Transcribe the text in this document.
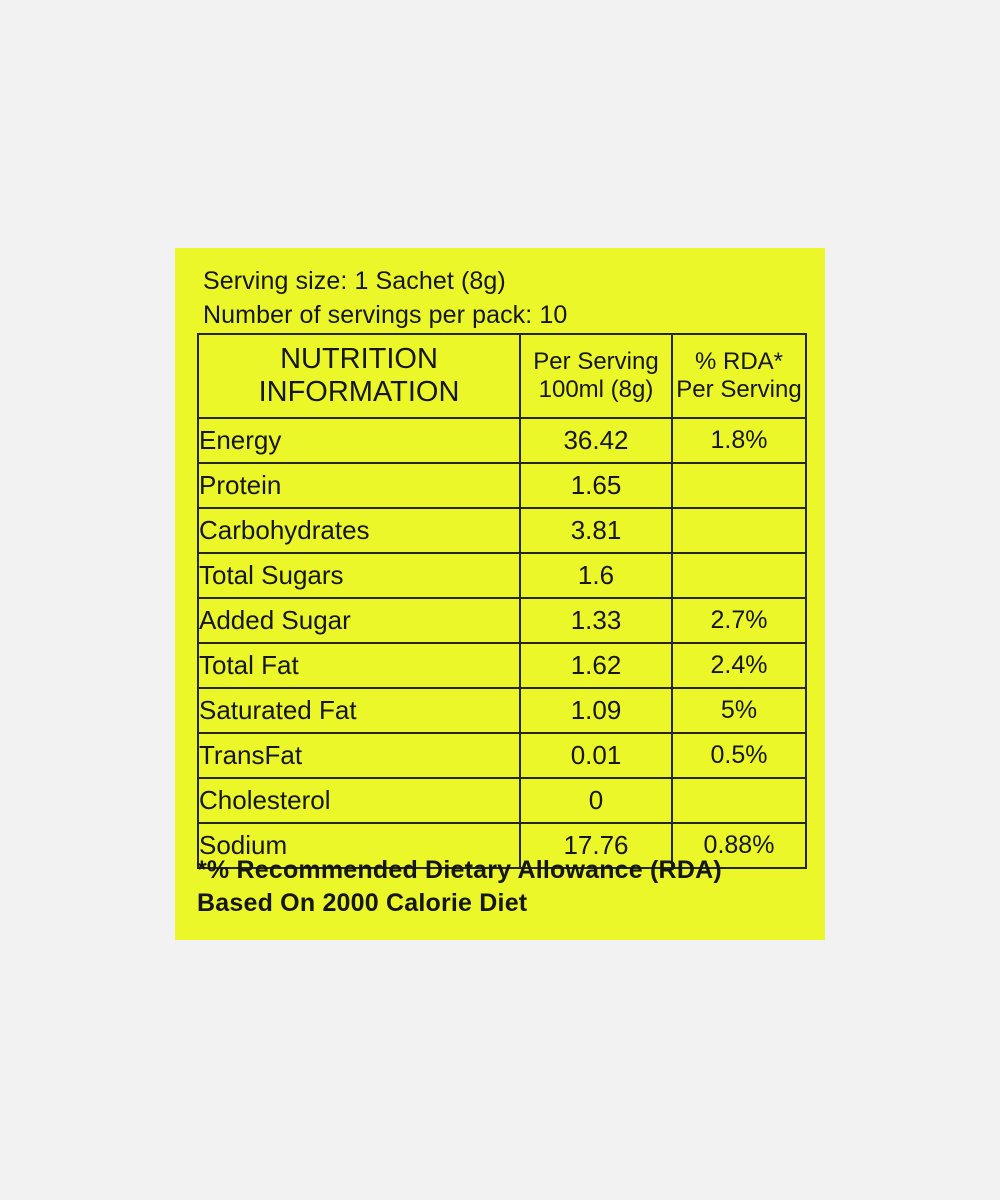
Serving size: 1 Sachet (8g)
Number of servings per pack: 10
NUTRITION
INFORMATION

Per Serving
100ml (8g)

% RDA*
Per Serving

Energy	36.42	1.8%
Protein	1.65	
Carbohydrates	3.81	
Total Sugars	1.6	
Added Sugar	1.33	2.7%
Total Fat	1.62	2.4%
Saturated Fat	1.09	5%
TransFat	0.01	0.5%
Cholesterol	0	
Sodium	17.76	0.88%
*% Recommended Dietary Allowance (RDA)
Based On 2000 Calorie Diet
